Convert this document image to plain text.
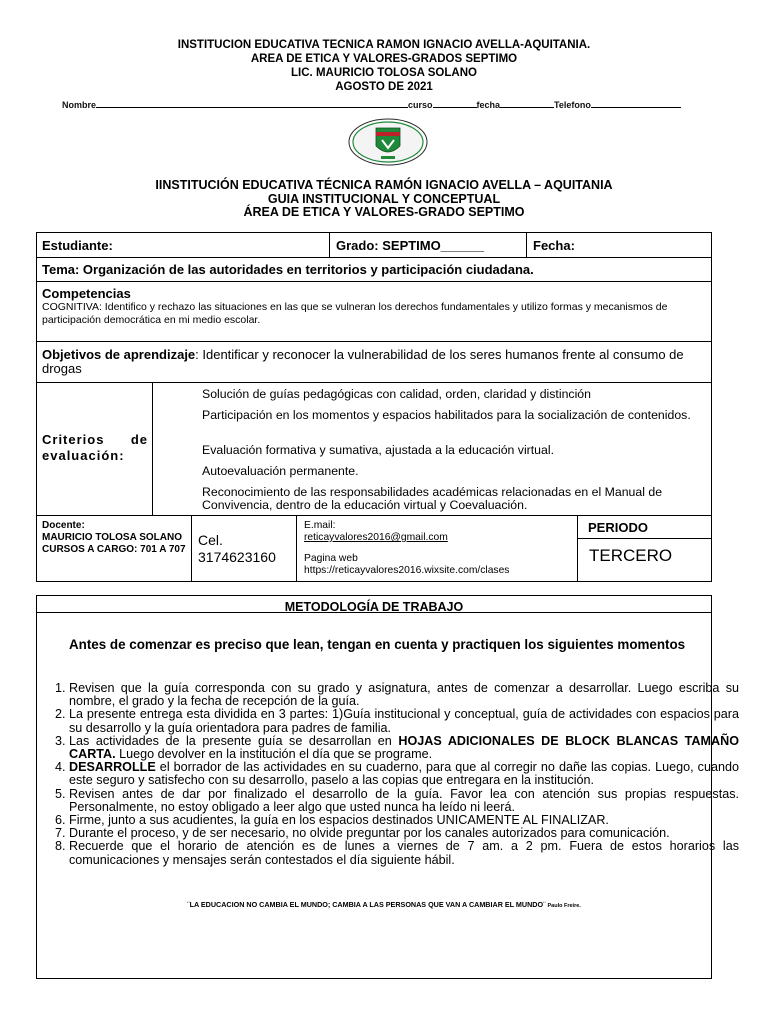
INSTITUCION EDUCATIVA TECNICA RAMON IGNACIO AVELLA-AQUITANIA.
AREA DE ETICA Y VALORES-GRADOS SEPTIMO
LIC. MAURICIO TOLOSA SOLANO
AGOSTO DE 2021
Nombre	curso	fecha	Telefono
IINSTITUCIÓN EDUCATIVA TÉCNICA RAMÓN IGNACIO AVELLA – AQUITANIA
GUIA INSTITUCIONAL Y CONCEPTUAL
ÁREA DE ETICA Y VALORES-GRADO SEPTIMO
Estudiante:	Grado: SEPTIMO______	Fecha:
Tema: Organización de las autoridades en territorios y participación ciudadana.
Competencias
COGNITIVA: Identifico y rechazo las situaciones en las que se vulneran los derechos fundamentales y utilizo formas y mecanismos de participación democrática en mi medio escolar.
Objetivos de aprendizaje: Identificar y reconocer la vulnerabilidad de los seres humanos frente al consumo de drogas
Criterios de evaluación:
Solución de guías pedagógicas con calidad, orden, claridad y distinción
Participación en los momentos y espacios habilitados para la socialización de contenidos.
Evaluación formativa y sumativa, ajustada a la educación virtual.
Autoevaluación permanente.
Reconocimiento de las responsabilidades académicas relacionadas en el Manual de Convivencia, dentro de la educación virtual y Coevaluación.
Docente:
MAURICIO TOLOSA SOLANO
CURSOS A CARGO: 701 A 707
Cel.
3174623160
E.mail:
reticayvalores2016@gmail.com
Pagina web
https://reticayvalores2016.wixsite.com/clases
PERIODO
TERCERO
METODOLOGÍA DE TRABAJO
Antes de comenzar es preciso que lean, tengan en cuenta y practiquen los siguientes momentos
1. Revisen que la guía corresponda con su grado y asignatura, antes de comenzar a desarrollar. Luego escriba su nombre, el grado y la fecha de recepción de la guía.
2. La presente entrega esta dividida en 3 partes: 1)Guía institucional y conceptual, guía de actividades con espacios para su desarrollo y la guía orientadora para padres de familia.
3. Las actividades de la presente guía se desarrollan en HOJAS ADICIONALES DE BLOCK BLANCAS TAMAÑO CARTA. Luego devolver en la institución el día que se programe.
4. DESARROLLE el borrador de las actividades en su cuaderno, para que al corregir no dañe las copias. Luego, cuando este seguro y satisfecho con su desarrollo, paselo a las copias que entregara en la institución.
5. Revisen antes de dar por finalizado el desarrollo de la guía. Favor lea con atención sus propias respuestas. Personalmente, no estoy obligado a leer algo que usted nunca ha leído ni leerá.
6. Firme, junto a sus acudientes, la guía en los espacios destinados UNICAMENTE AL FINALIZAR.
7. Durante el proceso, y de ser necesario, no olvide preguntar por los canales autorizados para comunicación.
8. Recuerde que el horario de atención es de lunes a viernes de 7 am. a 2 pm. Fuera de estos horarios las comunicaciones y mensajes serán contestados el día siguiente hábil.
¨LA EDUCACION NO CAMBIA EL MUNDO; CAMBIA A LAS PERSONAS QUE VAN A CAMBIAR EL MUNDO¨ Paulo Freire.
